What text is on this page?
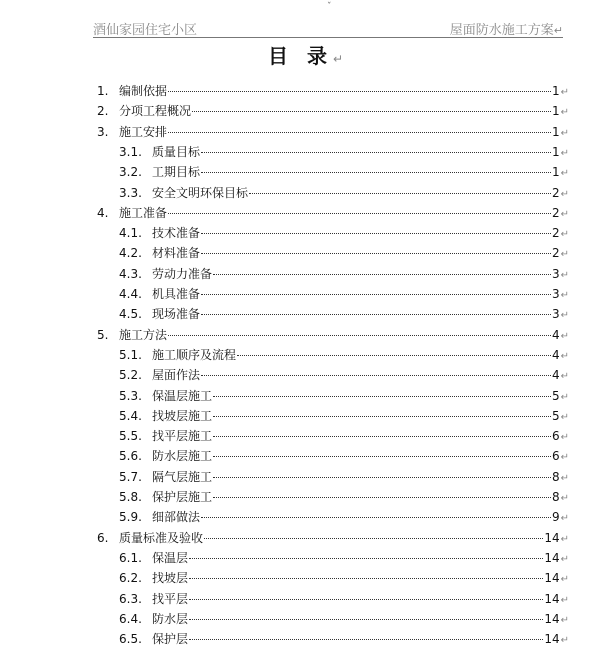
ˇ
酒仙家园住宅小区	屋面防水施工方案↵
目 录↵
1. 编制依据	1 ↵
2. 分项工程概况	1 ↵
3. 施工安排	1 ↵
3.1. 质量目标	1 ↵
3.2. 工期目标	1 ↵
3.3. 安全文明环保目标	2 ↵
4. 施工准备	2 ↵
4.1. 技术准备	2 ↵
4.2. 材料准备	2 ↵
4.3. 劳动力准备	3 ↵
4.4. 机具准备	3 ↵
4.5. 现场准备	3 ↵
5. 施工方法	4 ↵
5.1. 施工顺序及流程	4 ↵
5.2. 屋面作法	4 ↵
5.3. 保温层施工	5 ↵
5.4. 找坡层施工	5 ↵
5.5. 找平层施工	6 ↵
5.6. 防水层施工	6 ↵
5.7. 隔气层施工	8 ↵
5.8. 保护层施工	8 ↵
5.9. 细部做法	9 ↵
6. 质量标准及验收	14 ↵
6.1. 保温层	14 ↵
6.2. 找坡层	14 ↵
6.3. 找平层	14 ↵
6.4. 防水层	14 ↵
6.5. 保护层	14 ↵
